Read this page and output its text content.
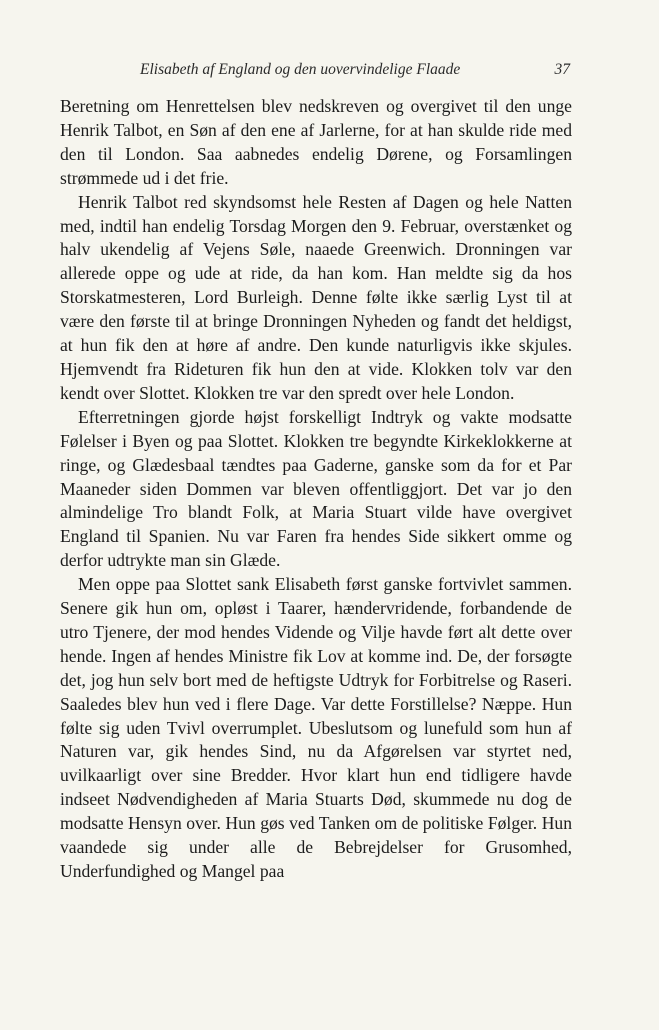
Elisabeth af England og den uovervindelige Flaade	37

Beretning om Henrettelsen blev nedskreven og overgivet til den unge Henrik Talbot, en Søn af den ene af Jarlerne, for at han skulde ride med den til London. Saa aabnedes endelig Dørene, og Forsamlingen strømmede ud i det frie.

Henrik Talbot red skyndsomst hele Resten af Dagen og hele Natten med, indtil han endelig Torsdag Morgen den 9. Februar, overstænket og halv ukendelig af Vejens Søle, naaede Greenwich. Dronningen var allerede oppe og ude at ride, da han kom. Han meldte sig da hos Storskatmesteren, Lord Burleigh. Denne følte ikke særlig Lyst til at være den første til at bringe Dronningen Nyheden og fandt det heldigst, at hun fik den at høre af andre. Den kunde naturligvis ikke skjules. Hjemvendt fra Rideturen fik hun den at vide. Klokken tolv var den kendt over Slottet. Klokken tre var den spredt over hele London.

Efterretningen gjorde højst forskelligt Indtryk og vakte modsatte Følelser i Byen og paa Slottet. Klokken tre begyndte Kirkeklokkerne at ringe, og Glædesbaal tændtes paa Gaderne, ganske som da for et Par Maaneder siden Dommen var bleven offentliggjort. Det var jo den almindelige Tro blandt Folk, at Maria Stuart vilde have overgivet England til Spanien. Nu var Faren fra hendes Side sikkert omme og derfor udtrykte man sin Glæde.

Men oppe paa Slottet sank Elisabeth først ganske fortvivlet sammen. Senere gik hun om, opløst i Taarer, hændervridende, forbandende de utro Tjenere, der mod hendes Vidende og Vilje havde ført alt dette over hende. Ingen af hendes Ministre fik Lov at komme ind. De, der forsøgte det, jog hun selv bort med de heftigste Udtryk for Forbitrelse og Raseri. Saaledes blev hun ved i flere Dage. Var dette Forstillelse? Næppe. Hun følte sig uden Tvivl overrumplet. Ubeslutsom og lunefuld som hun af Naturen var, gik hendes Sind, nu da Afgørelsen var styrtet ned, uvilkaarligt over sine Bredder. Hvor klart hun end tidligere havde indseet Nødvendigheden af Maria Stuarts Død, skummede nu dog de modsatte Hensyn over. Hun gøs ved Tanken om de politiske Følger. Hun vaandede sig under alle de Bebrejdelser for Grusomhed, Underfundighed og Mangel paa
